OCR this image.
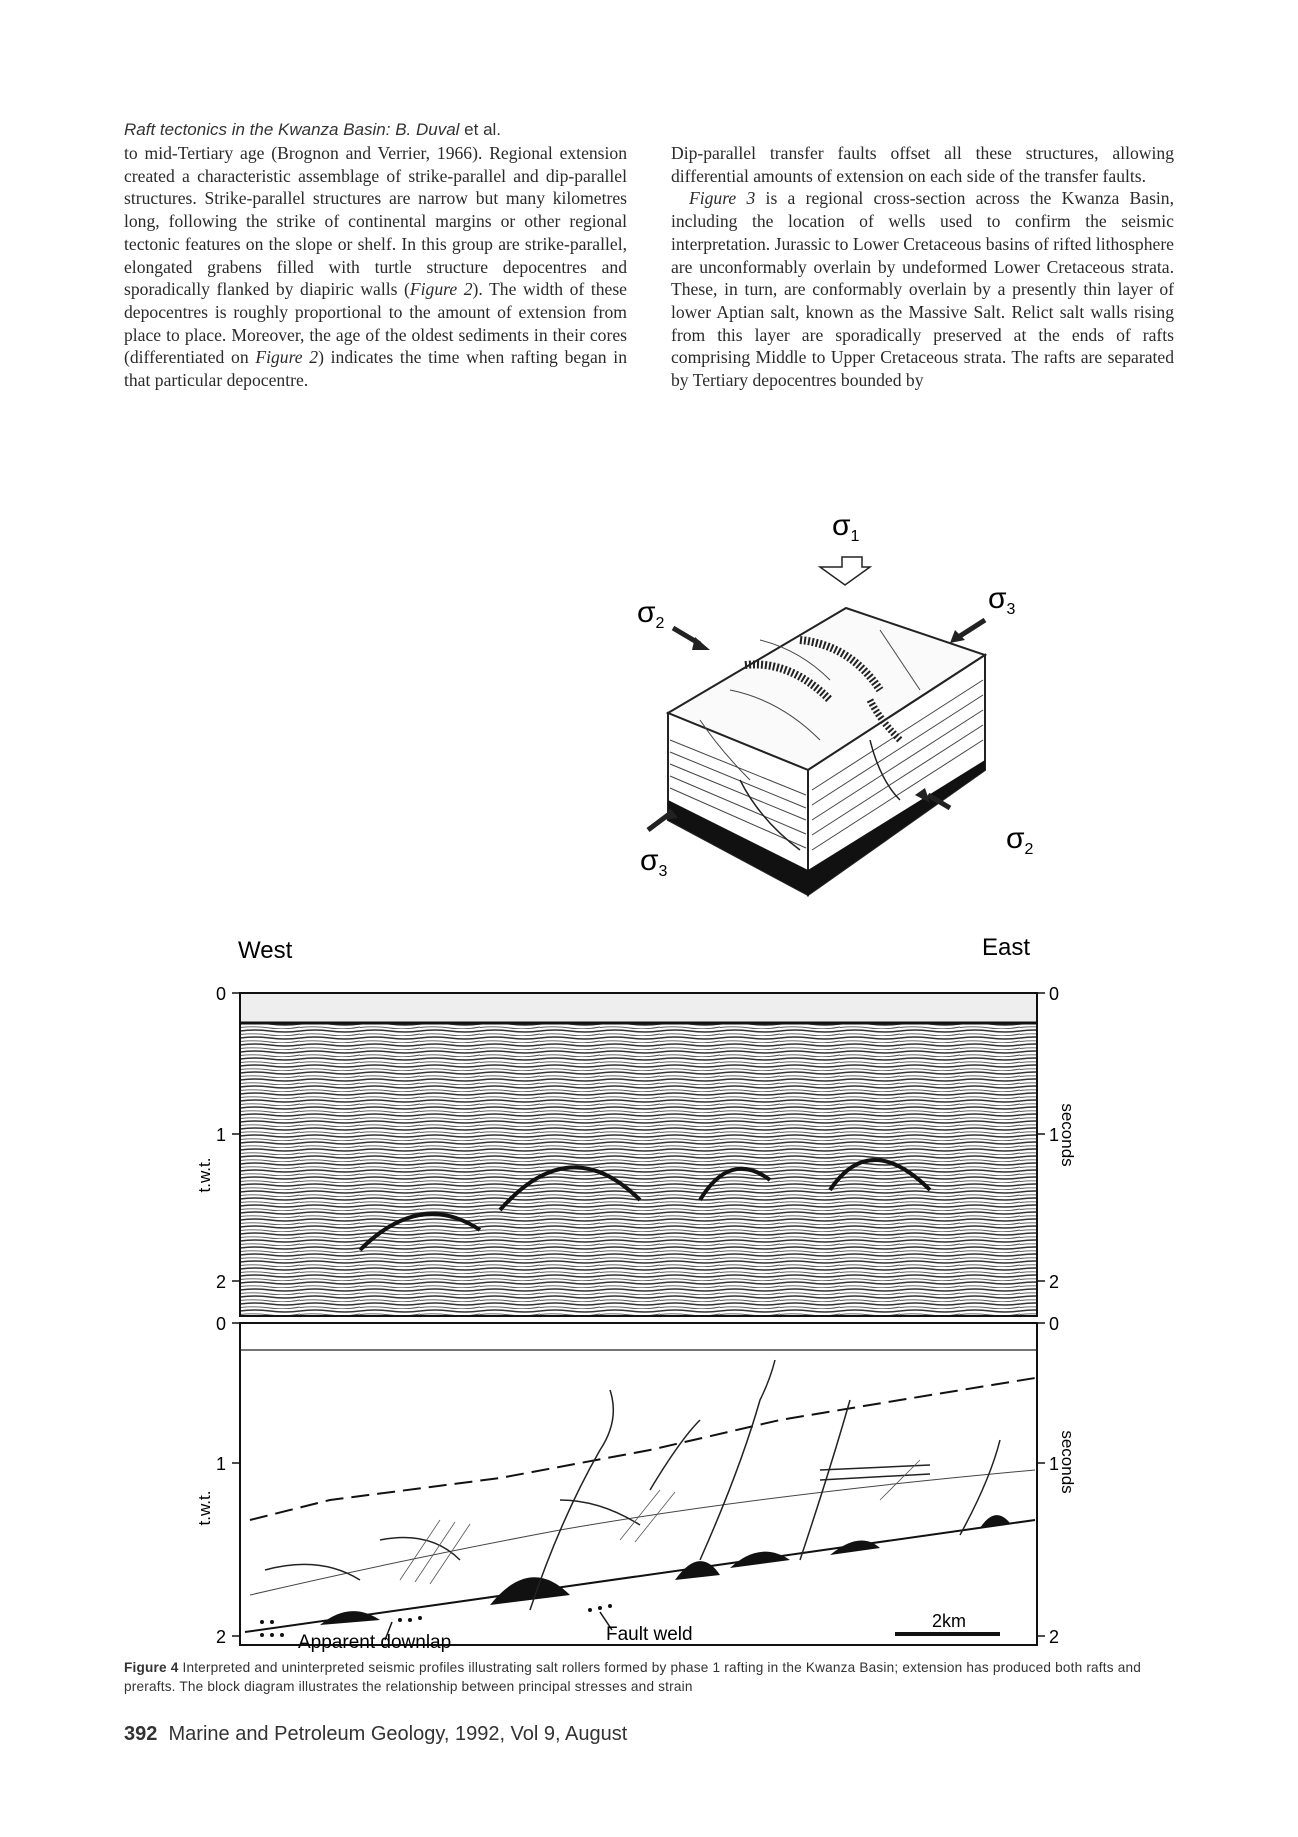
Raft tectonics in the Kwanza Basin: B. Duval et al.

to mid-Tertiary age (Brognon and Verrier, 1966). Regional extension created a characteristic assemblage of strike-parallel and dip-parallel structures. Strike-parallel structures are narrow but many kilometres long, following the strike of continental margins or other regional tectonic features on the slope or shelf. In this group are strike-parallel, elongated grabens filled with turtle structure depocentres and sporadically flanked by diapiric walls (Figure 2). The width of these depocentres is roughly proportional to the amount of extension from place to place. Moreover, the age of the oldest sediments in their cores (differentiated on Figure 2) indicates the time when rafting began in that particular depocentre.

Dip-parallel transfer faults offset all these structures, allowing differential amounts of extension on each side of the transfer faults.

Figure 3 is a regional cross-section across the Kwanza Basin, including the location of wells used to confirm the seismic interpretation. Jurassic to Lower Cretaceous basins of rifted lithosphere are unconformably overlain by undeformed Lower Cretaceous strata. These, in turn, are conformably overlain by a presently thin layer of lower Aptian salt, known as the Massive Salt. Relict salt walls rising from this layer are sporadically preserved at the ends of rafts comprising Middle to Upper Cretaceous strata. The rafts are separated by Tertiary depocentres bounded by

$\sigma_1$
$\sigma_2$
$\sigma_2$
$\sigma_3$
$\sigma_3$
West	East
0
1
2
0
1
2
t.w.t.
seconds
0
1
2
0
1
2
t.w.t.
seconds
Apparent downlap	Fault weld
2km
Figure 4 Interpreted and uninterpreted seismic profiles illustrating salt rollers formed by phase 1 rafting in the Kwanza Basin; extension has produced both rafts and prerafts. The block diagram illustrates the relationship between principal stresses and strain
392 Marine and Petroleum Geology, 1992, Vol 9, August
